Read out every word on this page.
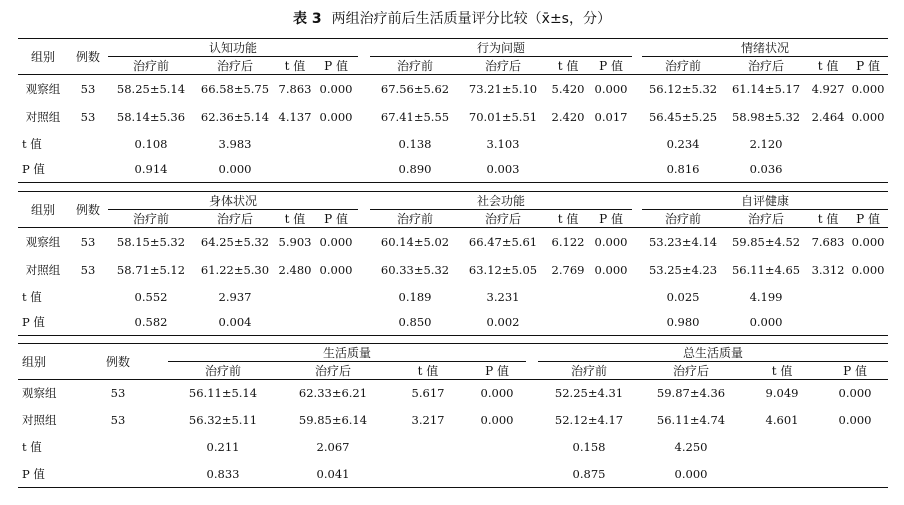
表 3 两组治疗前后生活质量评分比较（x̄±s，分）
组别	例数	认知功能					行为问题					情绪状况			
		治疗前	治疗后	t 值	P 值		治疗前	治疗后	t 值	P 值		治疗前	治疗后	t 值	P 值
观察组	53	58.25±5.14	66.58±5.75	7.863	0.000		67.56±5.62	73.21±5.10	5.420	0.000		56.12±5.32	61.14±5.17	4.927	0.000
对照组	53	58.14±5.36	62.36±5.14	4.137	0.000		67.41±5.55	70.01±5.51	2.420	0.017		56.45±5.25	58.98±5.32	2.464	0.000
t 值		0.108	3.983				0.138	3.103				0.234	2.120		
P 值		0.914	0.000				0.890	0.003				0.816	0.036		
组别	例数	身体状况					社会功能					自评健康			
		治疗前	治疗后	t 值	P 值		治疗前	治疗后	t 值	P 值		治疗前	治疗后	t 值	P 值
观察组	53	58.15±5.32	64.25±5.32	5.903	0.000		60.14±5.02	66.47±5.61	6.122	0.000		53.23±4.14	59.85±4.52	7.683	0.000
对照组	53	58.71±5.12	61.22±5.30	2.480	0.000		60.33±5.32	63.12±5.05	2.769	0.000		53.25±4.23	56.11±4.65	3.312	0.000
t 值		0.552	2.937				0.189	3.231				0.025	4.199		
P 值		0.582	0.004				0.850	0.002				0.980	0.000		
组别	例数	生活质量					总生活质量			
		治疗前	治疗后	t 值	P 值		治疗前	治疗后	t 值	P 值
观察组	53	56.11±5.14	62.33±6.21	5.617	0.000		52.25±4.31	59.87±4.36	9.049	0.000
对照组	53	56.32±5.11	59.85±6.14	3.217	0.000		52.12±4.17	56.11±4.74	4.601	0.000
t 值		0.211	2.067				0.158	4.250		
P 值		0.833	0.041				0.875	0.000		
